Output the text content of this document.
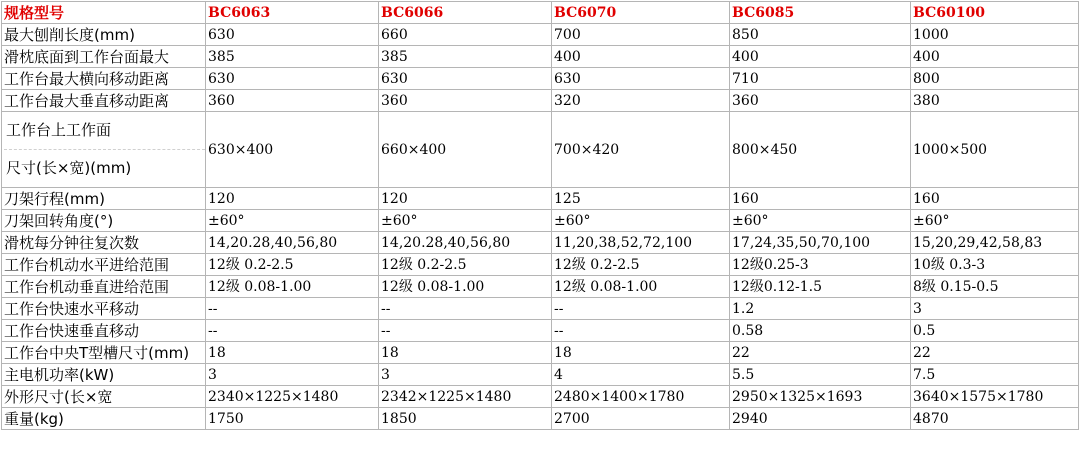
规格型号	BC6063	BC6066	BC6070	BC6085	BC60100
最大刨削长度(mm)	630	660	700	850	1000
滑枕底面到工作台面最大	385	385	400	400	400
工作台最大横向移动距离	630	630	630	710	800
工作台最大垂直移动距离	360	360	320	360	380

工作台上工作面
尺寸(长×宽)(mm)	630×400	660×400	700×420	800×450	1000×500
刀架行程(mm)	120	120	125	160	160
刀架回转角度(°)	±60°	±60°	±60°	±60°	±60°
滑枕每分钟往复次数	14,20.28,40,56,80	14,20.28,40,56,80	11,20,38,52,72,100	17,24,35,50,70,100	15,20,29,42,58,83
工作台机动水平进给范围	12级 0.2-2.5	12级 0.2-2.5	12级 0.2-2.5	12级0.25-3	10级 0.3-3
工作台机动垂直进给范围	12级 0.08-1.00	12级 0.08-1.00	12级 0.08-1.00	12级0.12-1.5	8级 0.15-0.5
工作台快速水平移动	--	--	--	1.2	3
工作台快速垂直移动	--	--	--	0.58	0.5
工作台中央T型槽尺寸(mm)	18	18	18	22	22
主电机功率(kW)	3	3	4	5.5	7.5
外形尺寸(长×宽	2340×1225×1480	2342×1225×1480	2480×1400×1780	2950×1325×1693	3640×1575×1780
重量(kg)	1750	1850	2700	2940	4870
